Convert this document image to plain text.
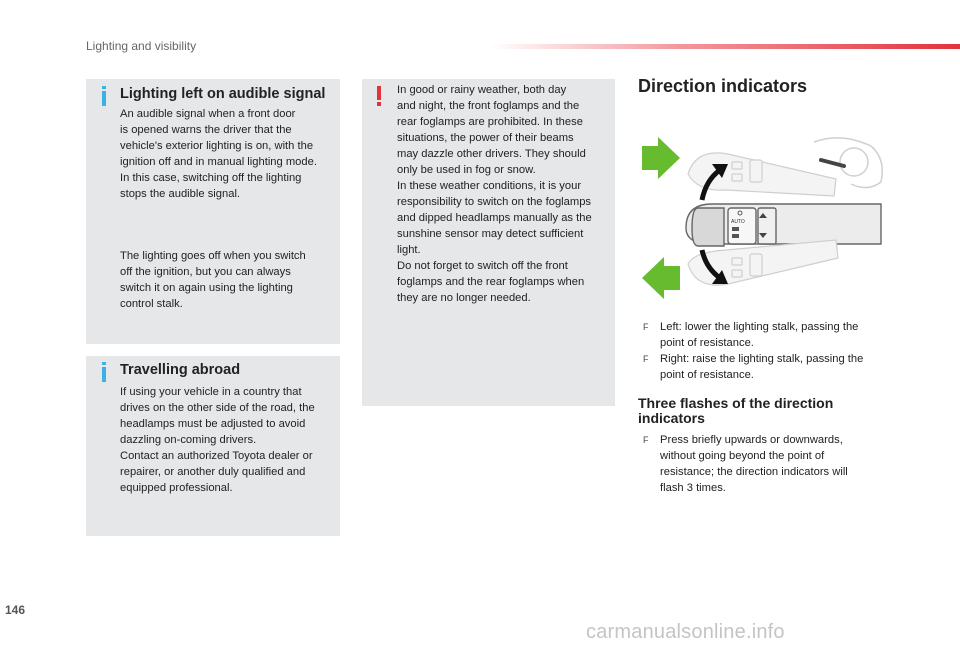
Lighting and visibility
Lighting left on audible signal
An audible signal when a front door
is opened warns the driver that the
vehicle's exterior lighting is on, with the
ignition off and in manual lighting mode.
In this case, switching off the lighting
stops the audible signal.
The lighting goes off when you switch
off the ignition, but you can always
switch it on again using the lighting
control stalk.
Travelling abroad
If using your vehicle in a country that
drives on the other side of the road, the
headlamps must be adjusted to avoid
dazzling on-coming drivers.
Contact an authorized Toyota dealer or
repairer, or another duly qualified and
equipped professional.
In good or rainy weather, both day
and night, the front foglamps and the
rear foglamps are prohibited. In these
situations, the power of their beams
may dazzle other drivers. They should
only be used in fog or snow.
In these weather conditions, it is your
responsibility to switch on the foglamps
and dipped headlamps manually as the
sunshine sensor may detect sufficient
light.
Do not forget to switch off the front
foglamps and the rear foglamps when
they are no longer needed.
Direction indicators
AUTO
F Left: lower the lighting stalk, passing the
point of resistance.
F Right: raise the lighting stalk, passing the
point of resistance.
Three flashes of the direction
indicators
F Press briefly upwards or downwards,
without going beyond the point of
resistance; the direction indicators will
flash 3 times.
146
carmanualsonline.info
